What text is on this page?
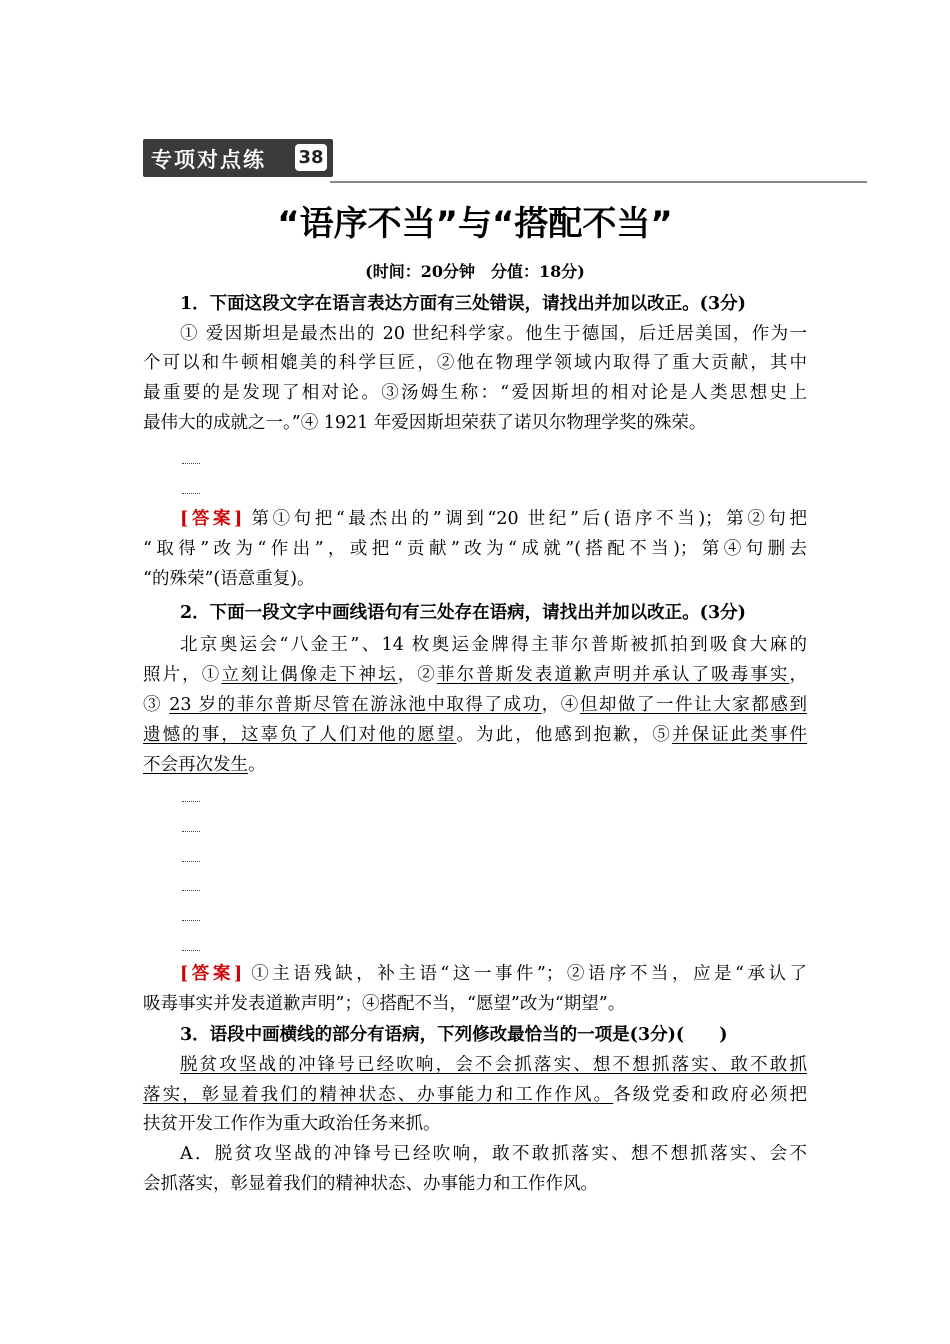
专项对点练 38
“语序不当”与“搭配不当”
(时间：20分钟　分值：18分)
1．下面这段文字在语言表达方面有三处错误，请找出并加以改正。(3分)
① 爱因斯坦是最杰出的 20 世纪科学家。他生于德国，后迁居美国，作为一
个可以和牛顿相媲美的科学巨匠，②他在物理学领域内取得了重大贡献，其中
最重要的是发现了相对论。③汤姆生称：“爱因斯坦的相对论是人类思想史上
最伟大的成就之一。”④ 1921 年爱因斯坦荣获了诺贝尔物理学奖的殊荣。
[答案] 第①句把“最杰出的”调到“20 世纪”后(语序不当)；第②句把
“取得”改为“作出”，或把“贡献”改为“成就”(搭配不当)；第④句删去
“的殊荣”(语意重复)。
2．下面一段文字中画线语句有三处存在语病，请找出并加以改正。(3分)
北京奥运会“八金王”、14 枚奥运金牌得主菲尔普斯被抓拍到吸食大麻的
照片，①立刻让偶像走下神坛，②菲尔普斯发表道歉声明并承认了吸毒事实，
③ 23 岁的菲尔普斯尽管在游泳池中取得了成功，④但却做了一件让大家都感到
遗憾的事，这辜负了人们对他的愿望。为此，他感到抱歉，⑤并保证此类事件
不会再次发生。
[答案] ①主语残缺，补主语“这一事件”；②语序不当，应是“承认了
吸毒事实并发表道歉声明”；④搭配不当，“愿望”改为“期望”。
3．语段中画横线的部分有语病，下列修改最恰当的一项是(3分)(　　)
脱贫攻坚战的冲锋号已经吹响，会不会抓落实、想不想抓落实、敢不敢抓
落实，彰显着我们的精神状态、办事能力和工作作风。各级党委和政府必须把
扶贫开发工作作为重大政治任务来抓。
A．脱贫攻坚战的冲锋号已经吹响，敢不敢抓落实、想不想抓落实、会不
会抓落实，彰显着我们的精神状态、办事能力和工作作风。
